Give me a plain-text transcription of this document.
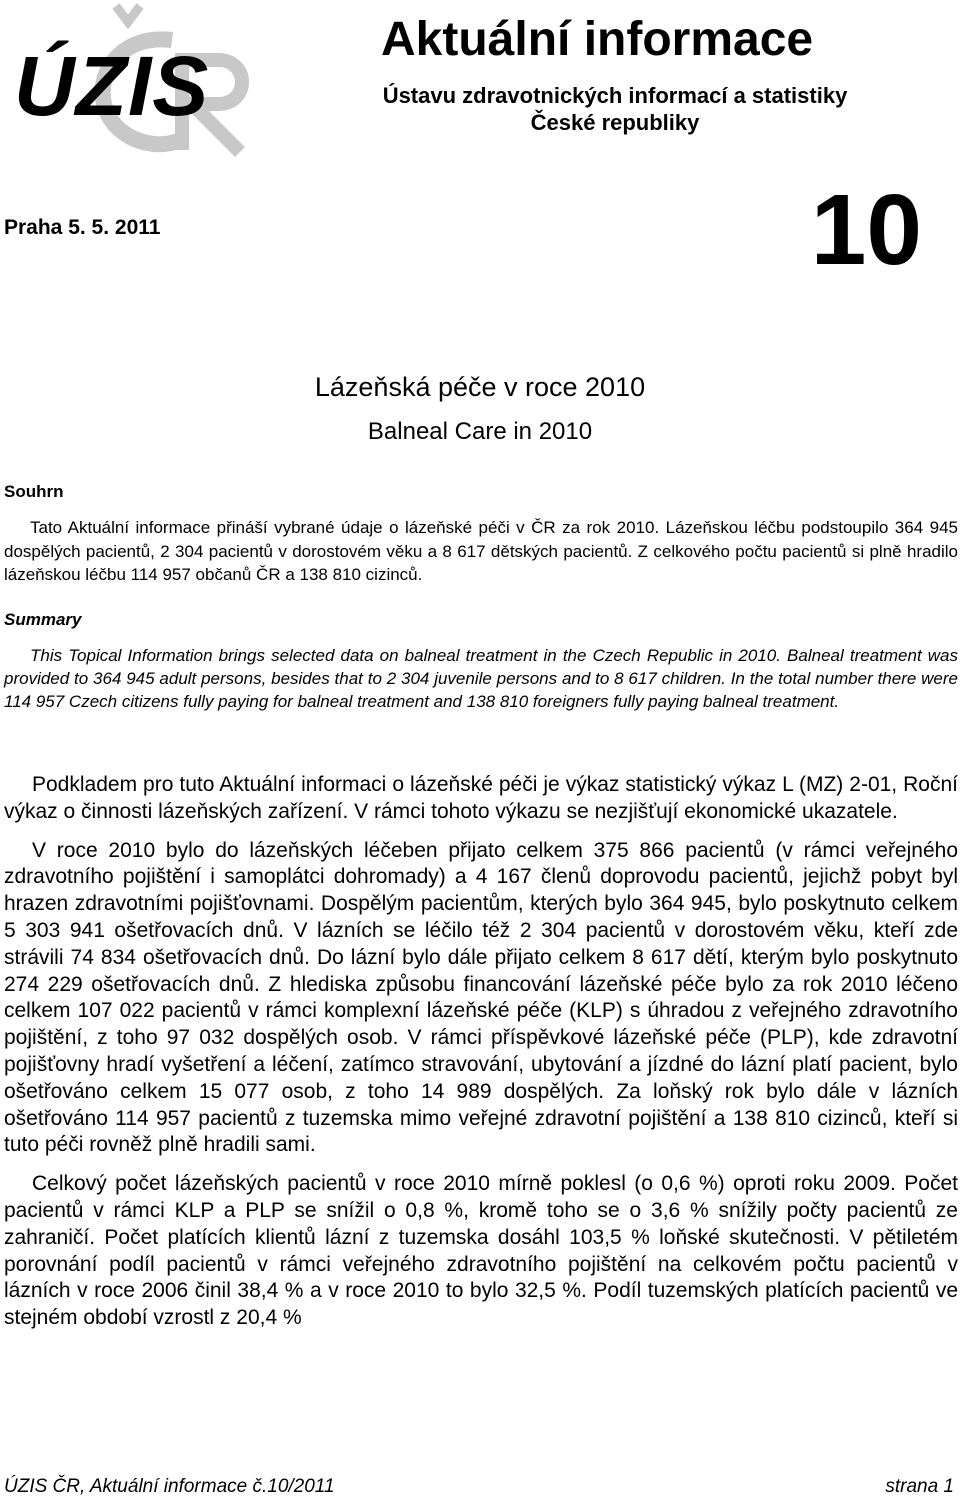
ÚZIS	Aktuální informace
Ústavu zdravotnických informací a statistiky
České republiky
Praha 5. 5. 2011	10
Lázeňská péče v roce 2010
Balneal Care in 2010
Souhrn

Tato Aktuální informace přináší vybrané údaje o lázeňské péči v ČR za rok 2010. Lázeňskou léčbu podstoupilo 364 945 dospělých pacientů, 2 304 pacientů v dorostovém věku a 8 617 dětských pacientů. Z celkového počtu pacientů si plně hradilo lázeňskou léčbu 114 957 občanů ČR a 138 810 cizinců.

Summary

This Topical Information brings selected data on balneal treatment in the Czech Republic in 2010. Balneal treatment was provided to 364 945 adult persons, besides that to 2 304 juvenile persons and to 8 617 children. In the total number there were 114 957 Czech citizens fully paying for balneal treatment and 138 810 foreigners fully paying balneal treatment.

Podkladem pro tuto Aktuální informaci o lázeňské péči je výkaz statistický výkaz L (MZ) 2-01, Roční výkaz o činnosti lázeňských zařízení. V rámci tohoto výkazu se nezjišťují ekonomické ukazatele.

V roce 2010 bylo do lázeňských léčeben přijato celkem 375 866 pacientů (v rámci veřejného zdravotního pojištění i samoplátci dohromady) a 4 167 členů doprovodu pacientů, jejichž pobyt byl hrazen zdravotními pojišťovnami. Dospělým pacientům, kterých bylo 364 945, bylo poskytnuto celkem 5 303 941 ošetřovacích dnů. V lázních se léčilo též 2 304 pacientů v dorostovém věku, kteří zde strávili 74 834 ošetřovacích dnů. Do lázní bylo dále přijato celkem 8 617 dětí, kterým bylo poskytnuto 274 229 ošetřovacích dnů. Z hlediska způsobu financování lázeňské péče bylo za rok 2010 léčeno celkem 107 022 pacientů v rámci komplexní lázeňské péče (KLP) s úhradou z veřejného zdravotního pojištění, z toho 97 032 dospělých osob. V rámci příspěvkové lázeňské péče (PLP), kde zdravotní pojišťovny hradí vyšetření a léčení, zatímco stravování, ubytování a jízdné do lázní platí pacient, bylo ošetřováno celkem 15 077 osob, z toho 14 989 dospělých. Za loňský rok bylo dále v lázních ošetřováno 114 957 pacientů z tuzemska mimo veřejné zdravotní pojištění a 138 810 cizinců, kteří si tuto péči rovněž plně hradili sami.

Celkový počet lázeňských pacientů v roce 2010 mírně poklesl (o 0,6 %) oproti roku 2009. Počet pacientů v rámci KLP a PLP se snížil o 0,8 %, kromě toho se o 3,6 % snížily počty pacientů ze zahraničí. Počet platících klientů lázní z tuzemska dosáhl 103,5 % loňské skutečnosti. V pětiletém porovnání podíl pacientů v rámci veřejného zdravotního pojištění na celkovém počtu pacientů v lázních v roce 2006 činil 38,4 % a v roce 2010 to bylo 32,5 %. Podíl tuzemských platících pacientů ve stejném období vzrostl z 20,4 %

ÚZIS ČR, Aktuální informace č.10/2011	strana 1
